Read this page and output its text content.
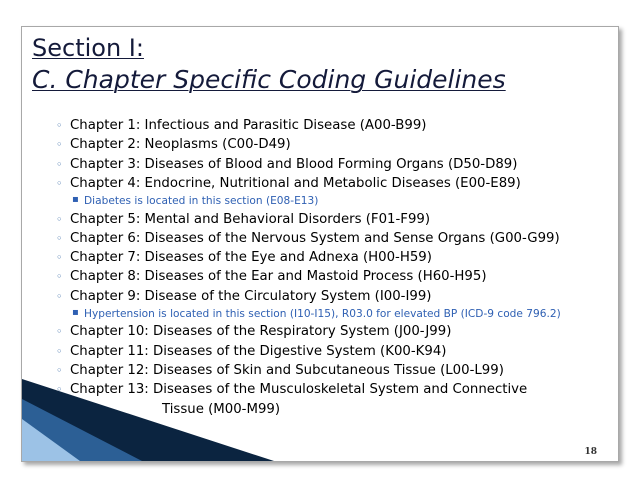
Section I:
C. Chapter Specific Coding Guidelines
◦ Chapter 1: Infectious and Parasitic Disease (A00-B99)
◦ Chapter 2: Neoplasms (C00-D49)
◦ Chapter 3: Diseases of Blood and Blood Forming Organs (D50-D89)
◦ Chapter 4: Endocrine, Nutritional and Metabolic Diseases (E00-E89)
▪ Diabetes is located in this section (E08-E13)
◦ Chapter 5: Mental and Behavioral Disorders (F01-F99)
◦ Chapter 6: Diseases of the Nervous System and Sense Organs (G00-G99)
◦ Chapter 7: Diseases of the Eye and Adnexa (H00-H59)
◦ Chapter 8: Diseases of the Ear and Mastoid Process (H60-H95)
◦ Chapter 9: Disease of the Circulatory System (I00-I99)
▪ Hypertension is located in this section (I10-I15), R03.0 for elevated BP (ICD-9 code 796.2)
◦ Chapter 10: Diseases of the Respiratory System (J00-J99)
◦ Chapter 11: Diseases of the Digestive System (K00-K94)
◦ Chapter 12: Diseases of Skin and Subcutaneous Tissue (L00-L99)
◦ Chapter 13: Diseases of the Musculoskeletal System and Connective
Tissue (M00-M99)
18
